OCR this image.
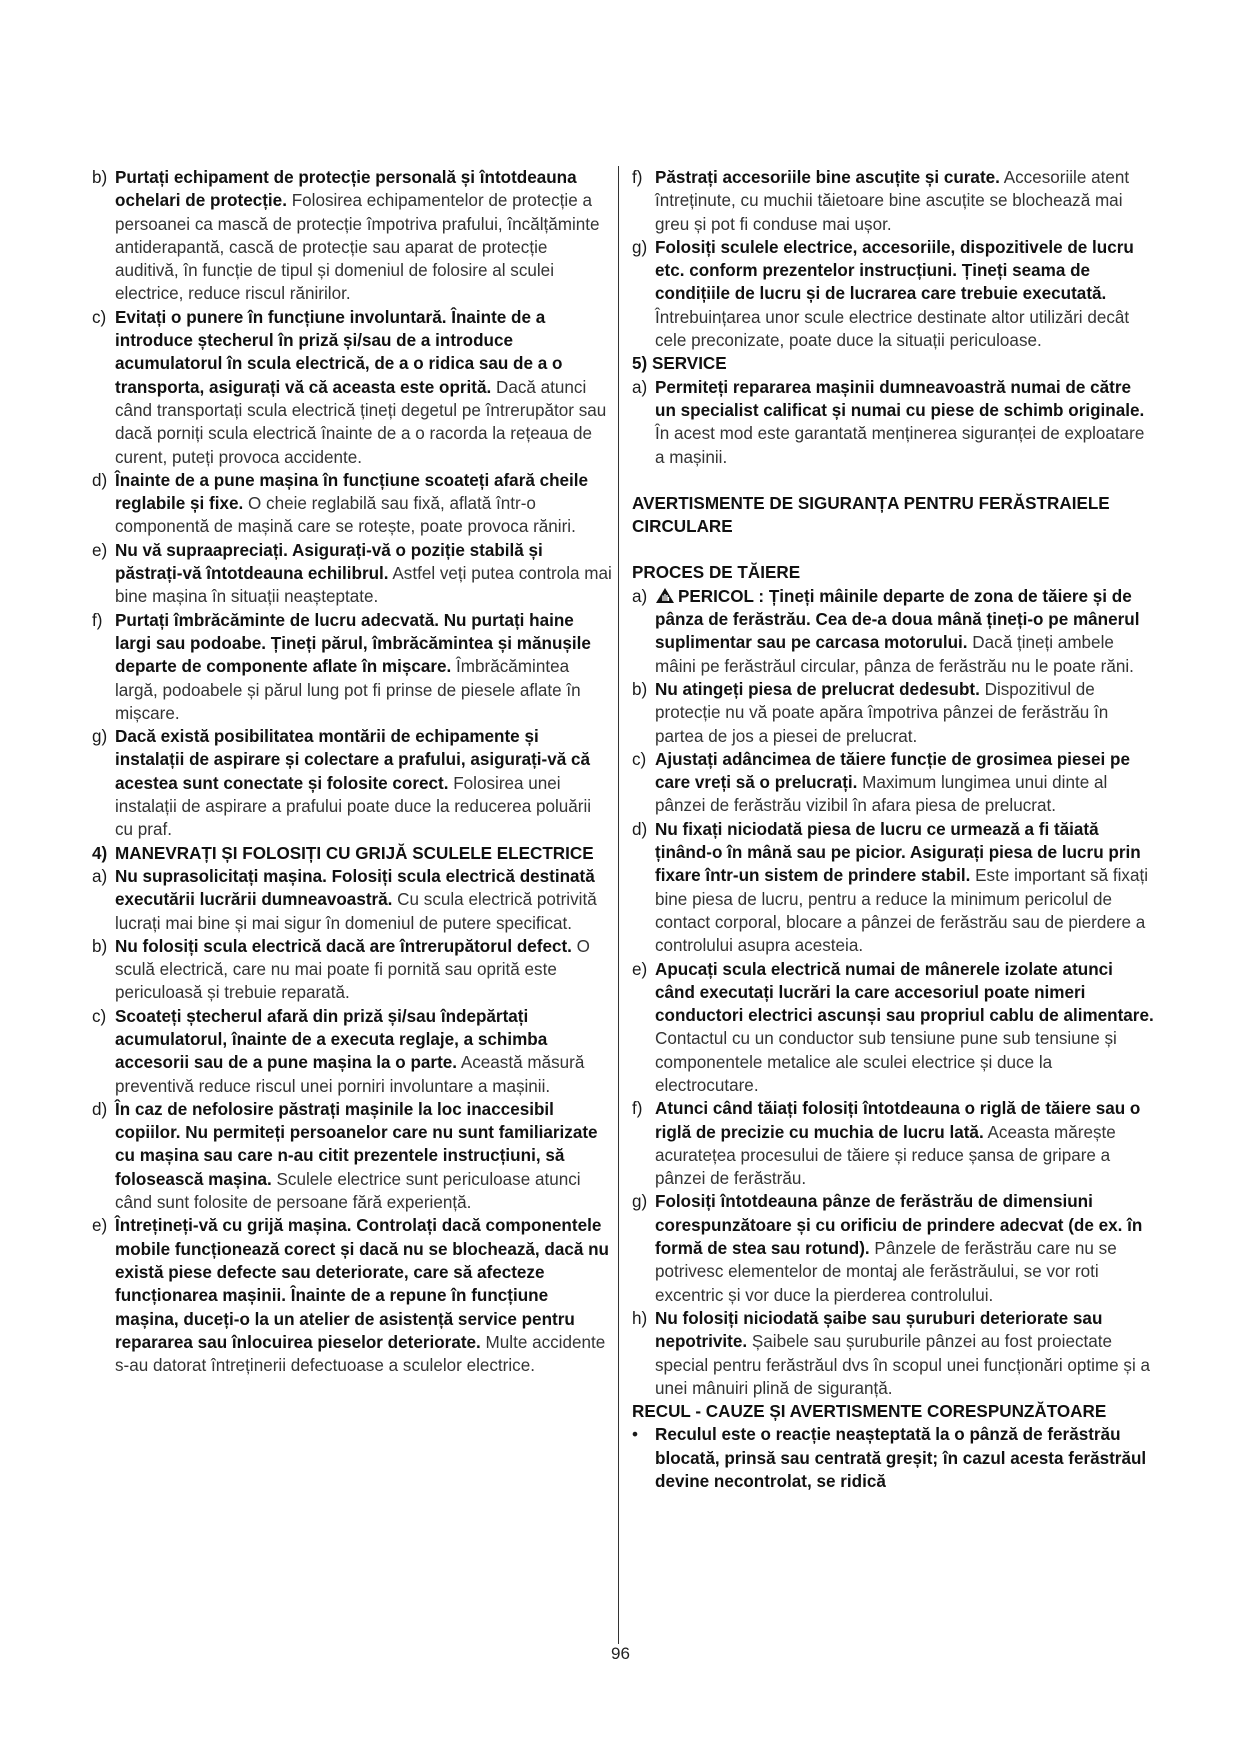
b) Purtați echipament de protecție personală și întotdeauna ochelari de protecție. Folosirea echipamentelor de protecție a persoanei ca mască de protecție împotriva prafului, încălțăminte antiderapantă, cască de protecție sau aparat de protecție auditivă, în funcție de tipul și domeniul de folosire al sculei electrice, reduce riscul rănirilor.

c) Evitați o punere în funcțiune involuntară. Înainte de a introduce ștecherul în priză și/sau de a introduce acumulatorul în scula electrică, de a o ridica sau de a o transporta, asigurați vă că aceasta este oprită. Dacă atunci când transportați scula electrică țineți degetul pe întrerupător sau dacă porniți scula electrică înainte de a o racorda la rețeaua de curent, puteți provoca accidente.

d) Înainte de a pune mașina în funcțiune scoateți afară cheile reglabile și fixe. O cheie reglabilă sau fixă, aflată într-o componentă de mașină care se rotește, poate provoca răniri.

e) Nu vă supraapreciați. Asigurați-vă o poziție stabilă și păstrați-vă întotdeauna echilibrul. Astfel veți putea controla mai bine mașina în situații neașteptate.

f) Purtați îmbrăcăminte de lucru adecvată. Nu purtați haine largi sau podoabe. Țineți părul, îmbrăcămintea și mănușile departe de componente aflate în mișcare. Îmbrăcămintea largă, podoabele și părul lung pot fi prinse de piesele aflate în mișcare.

g) Dacă există posibilitatea montării de echipamente și instalații de aspirare și colectare a prafului, asigurați-vă că acestea sunt conectate și folosite corect. Folosirea unei instalații de aspirare a prafului poate duce la reducerea poluării cu praf.

4) MANEVRAȚI ȘI FOLOSIȚI CU GRIJĂ SCULELE ELECTRICE

a) Nu suprasolicitați mașina. Folosiți scula electrică destinată executării lucrării dumneavoastră. Cu scula electrică potrivită lucrați mai bine și mai sigur în domeniul de putere specificat.

b) Nu folosiți scula electrică dacă are întrerupătorul defect. O sculă electrică, care nu mai poate fi pornită sau oprită este periculoasă și trebuie reparată.

c) Scoateți ștecherul afară din priză și/sau îndepărtați acumulatorul, înainte de a executa reglaje, a schimba accesorii sau de a pune mașina la o parte. Această măsură preventivă reduce riscul unei porniri involuntare a mașinii.

d) În caz de nefolosire păstrați mașinile la loc inaccesibil copiilor. Nu permiteți persoanelor care nu sunt familiarizate cu mașina sau care n-au citit prezentele instrucțiuni, să folosească mașina. Sculele electrice sunt periculoase atunci când sunt folosite de persoane fără experiență.

e) Întrețineți-vă cu grijă mașina. Controlați dacă componentele mobile funcționează corect și dacă nu se blochează, dacă nu există piese defecte sau deteriorate, care să afecteze funcționarea mașinii. Înainte de a repune în funcțiune mașina, duceți-o la un atelier de asistență service pentru repararea sau înlocuirea pieselor deteriorate. Multe accidente s-au datorat întreținerii defectuoase a sculelor electrice.

f) Păstrați accesoriile bine ascuțite și curate. Accesoriile atent întreținute, cu muchii tăietoare bine ascuțite se blochează mai greu și pot fi conduse mai ușor.

g) Folosiți sculele electrice, accesoriile, dispozitivele de lucru etc. conform prezentelor instrucțiuni. Țineți seama de condițiile de lucru și de lucrarea care trebuie executată. Întrebuințarea unor scule electrice destinate altor utilizări decât cele preconizate, poate duce la situații periculoase.

5) SERVICE

a) Permiteți repararea mașinii dumneavoastră numai de către un specialist calificat și numai cu piese de schimb originale. În acest mod este garantată menținerea siguranței de exploatare a mașinii.

AVERTISMENTE DE SIGURANȚA PENTRU FERĂSTRAIELE CIRCULARE

PROCES DE TĂIERE

a) PERICOL : Țineți mâinile departe de zona de tăiere și de pânza de ferăstrău. Cea de-a doua mână țineți-o pe mânerul suplimentar sau pe carcasa motorului. Dacă țineți ambele mâini pe ferăstrăul circular, pânza de ferăstrău nu le poate răni.

b) Nu atingeți piesa de prelucrat dedesubt. Dispozitivul de protecție nu vă poate apăra împotriva pânzei de ferăstrău în partea de jos a piesei de prelucrat.

c) Ajustați adâncimea de tăiere funcție de grosimea piesei pe care vreți să o prelucrați. Maximum lungimea unui dinte al pânzei de ferăstrău vizibil în afara piesa de prelucrat.

d) Nu fixați niciodată piesa de lucru ce urmează a fi tăiată ținând-o în mână sau pe picior. Asigurați piesa de lucru prin fixare într-un sistem de prindere stabil. Este important să fixați bine piesa de lucru, pentru a reduce la minimum pericolul de contact corporal, blocare a pânzei de ferăstrău sau de pierdere a controlului asupra acesteia.

e) Apucați scula electrică numai de mânerele izolate atunci când executați lucrări la care accesoriul poate nimeri conductori electrici ascunși sau propriul cablu de alimentare. Contactul cu un conductor sub tensiune pune sub tensiune și componentele metalice ale sculei electrice și duce la electrocutare.

f) Atunci când tăiați folosiți întotdeauna o riglă de tăiere sau o riglă de precizie cu muchia de lucru lată. Aceasta mărește acuratețea procesului de tăiere și reduce șansa de gripare a pânzei de ferăstrău.

g) Folosiți întotdeauna pânze de ferăstrău de dimensiuni corespunzătoare și cu orificiu de prindere adecvat (de ex. în formă de stea sau rotund). Pânzele de ferăstrău care nu se potrivesc elementelor de montaj ale ferăstrăului, se vor roti excentric și vor duce la pierderea controlului.

h) Nu folosiți niciodată șaibe sau șuruburi deteriorate sau nepotrivite. Șaibele sau șuruburile pânzei au fost proiectate special pentru ferăstrăul dvs în scopul unei funcționări optime și a unei mânuiri plină de siguranță.

RECUL - CAUZE ȘI AVERTISMENTE CORESPUNZĂTOARE

• Reculul este o reacție neașteptată la o pânză de ferăstrău blocată, prinsă sau centrată greșit; în cazul acesta ferăstrăul devine necontrolat, se ridică

96
